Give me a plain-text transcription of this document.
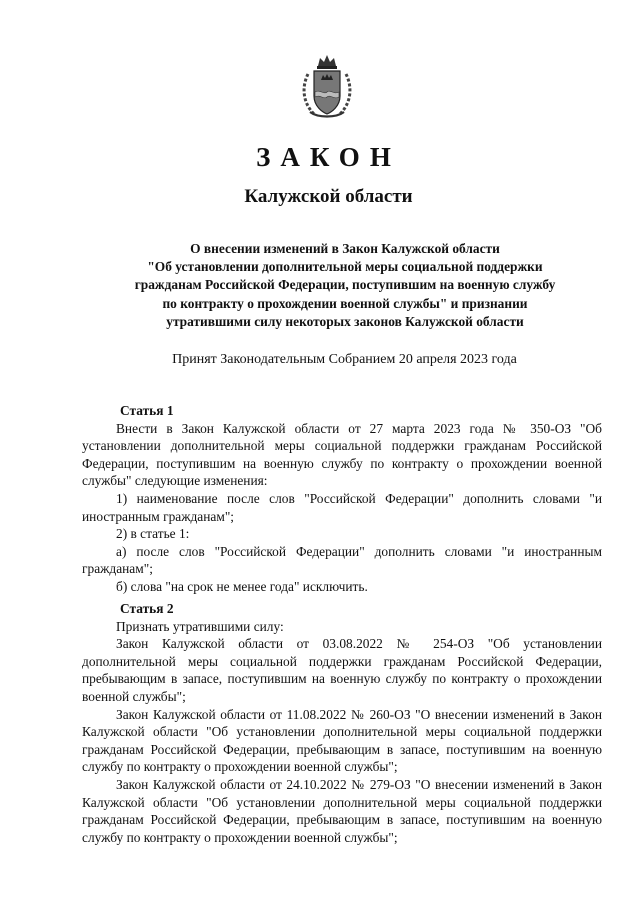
ЗАКОН
Калужской области
О внесении изменений в Закон Калужской области
"Об установлении дополнительной меры социальной поддержки
гражданам Российской Федерации, поступившим на военную службу
по контракту о прохождении военной службы" и признании
утратившими силу некоторых законов Калужской области
Принят Законодательным Собранием 20 апреля 2023 года
Статья 1

Внести в Закон Калужской области от 27 марта 2023 года № 350-ОЗ "Об установлении дополнительной меры социальной поддержки гражданам Российской Федерации, поступившим на военную службу по контракту о прохождении военной службы" следующие изменения:

1) наименование после слов "Российской Федерации" дополнить словами "и иностранным гражданам";

2) в статье 1:

а) после слов "Российской Федерации" дополнить словами "и иностранным гражданам";

б) слова "на срок не менее года" исключить.

Статья 2

Признать утратившими силу:

Закон Калужской области от 03.08.2022 № 254-ОЗ "Об установлении дополнительной меры социальной поддержки гражданам Российской Федерации, пребывающим в запасе, поступившим на военную службу по контракту о прохождении военной службы";

Закон Калужской области от 11.08.2022 № 260-ОЗ "О внесении изменений в Закон Калужской области "Об установлении дополнительной меры социальной поддержки гражданам Российской Федерации, пребывающим в запасе, поступившим на военную службу по контракту о прохождении военной службы";

Закон Калужской области от 24.10.2022 № 279-ОЗ "О внесении изменений в Закон Калужской области "Об установлении дополнительной меры социальной поддержки гражданам Российской Федерации, пребывающим в запасе, поступившим на военную службу по контракту о прохождении военной службы";
